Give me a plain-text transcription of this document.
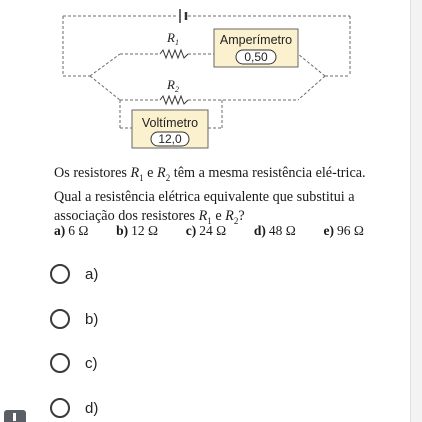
$R_1$
$R_2$
Amperímetro
0,50
Voltímetro
12,0
Os resistores $R_1$ e $R_2$ têm a mesma resistência elé-trica. Qual a resistência elétrica equivalente que substitui a associação dos resistores $R_1$ e $R_2$?
a) 6 Ω b) 12 Ω c) 24 Ω d) 48 Ω e) 96 Ω
a)
b)
c)
d)
